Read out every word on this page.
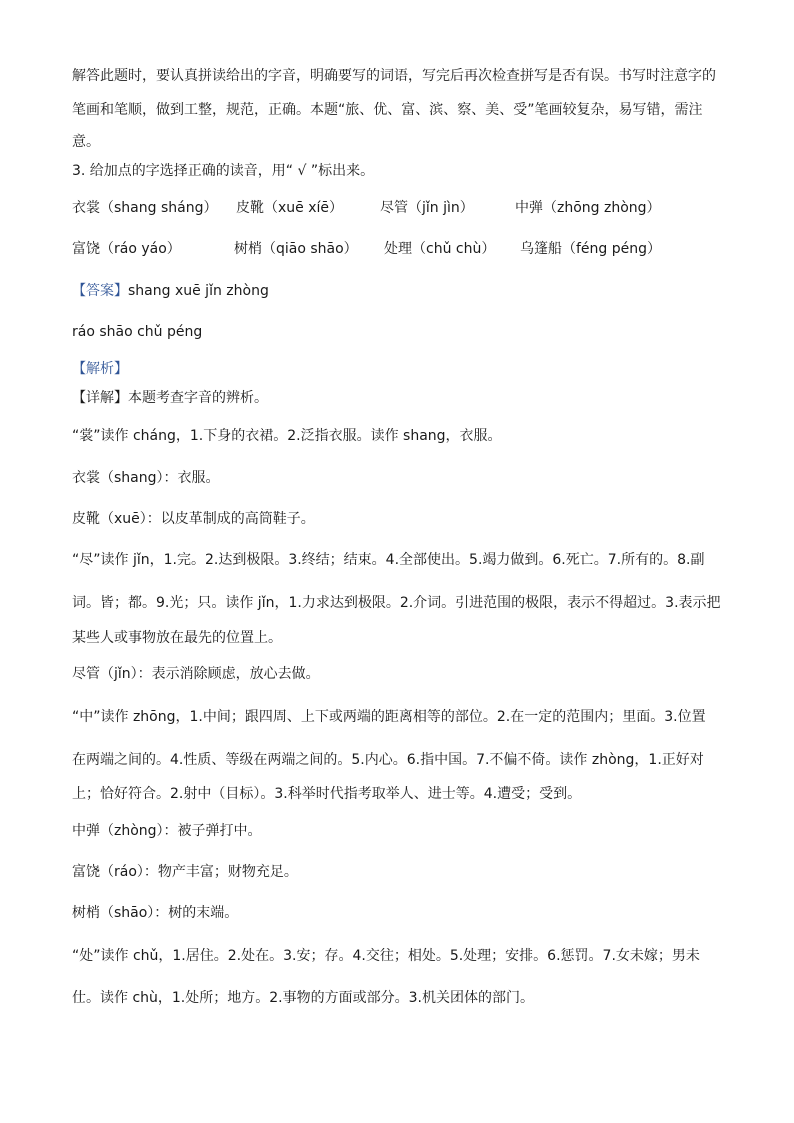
解答此题时，要认真拼读给出的字音，明确要写的词语，写完后再次检查拼写是否有误。书写时注意字的
笔画和笔顺，做到工整，规范，正确。本题“旅、优、富、滨、察、美、受”笔画较复杂，易写错，需注
意。
3. 给加点的字选择正确的读音，用“ √ ”标出来。
衣裳（shang sháng） 皮靴（xuē xíē）	尽管（jǐn jìn）	中弹（zhōng zhòng）
富饶（ráo yáo）	树梢（qiāo shāo） 处理（chǔ chù） 乌篷船（féng péng）
【答案】shang xuē jǐn zhòng
ráo shāo chǔ péng
【解析】
【详解】本题考查字音的辨析。
“裳”读作 cháng，1.下身的衣裙。2.泛指衣服。读作 shang，衣服。
衣裳（shang）：衣服。
皮靴（xuē）：以皮革制成的高筒鞋子。
“尽”读作 jǐn，1.完。2.达到极限。3.终结；结束。4.全部使出。5.竭力做到。6.死亡。7.所有的。8.副
词。皆；都。9.光；只。读作 jǐn，1.力求达到极限。2.介词。引进范围的极限，表示不得超过。3.表示把
某些人或事物放在最先的位置上。
尽管（jǐn）：表示消除顾虑，放心去做。
“中”读作 zhōng，1.中间；跟四周、上下或两端的距离相等的部位。2.在一定的范围内；里面。3.位置
在两端之间的。4.性质、等级在两端之间的。5.内心。6.指中国。7.不偏不倚。读作 zhòng，1.正好对
上；恰好符合。2.射中（目标）。3.科举时代指考取举人、进士等。4.遭受；受到。
中弹（zhòng）：被子弹打中。
富饶（ráo）：物产丰富；财物充足。
树梢（shāo）：树的末端。
“处”读作 chǔ，1.居住。2.处在。3.安；存。4.交往；相处。5.处理；安排。6.惩罚。7.女未嫁；男未
仕。读作 chù，1.处所；地方。2.事物的方面或部分。3.机关团体的部门。
